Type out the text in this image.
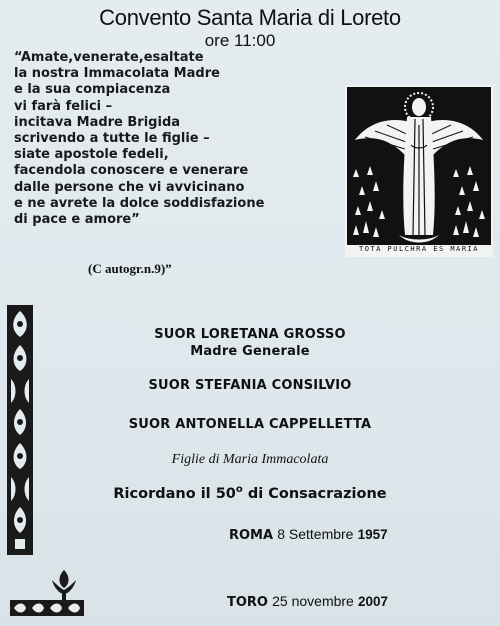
Convento Santa Maria di Loreto
ore 11:00
“Amate,venerate,esaltate
la nostra Immacolata Madre
e la sua compiacenza
vi farà felici –
incitava Madre Brigida
scrivendo a tutte le figlie –
siate apostole fedeli,
facendola conoscere e venerare
dalle persone che vi avvicinano
e ne avrete la dolce soddisfazione
di pace e amore”
(C autogr.n.9)”
TOTA PULCHRA ES MARIA
SUOR LORETANA GROSSO
Madre Generale
SUOR STEFANIA CONSILVIO
SUOR ANTONELLA CAPPELLETTA
Figlie di Maria Immacolata
Ricordano il 50$^o$ di Consacrazione
ROMA 8 Settembre 1957
TORO 25 novembre 2007
